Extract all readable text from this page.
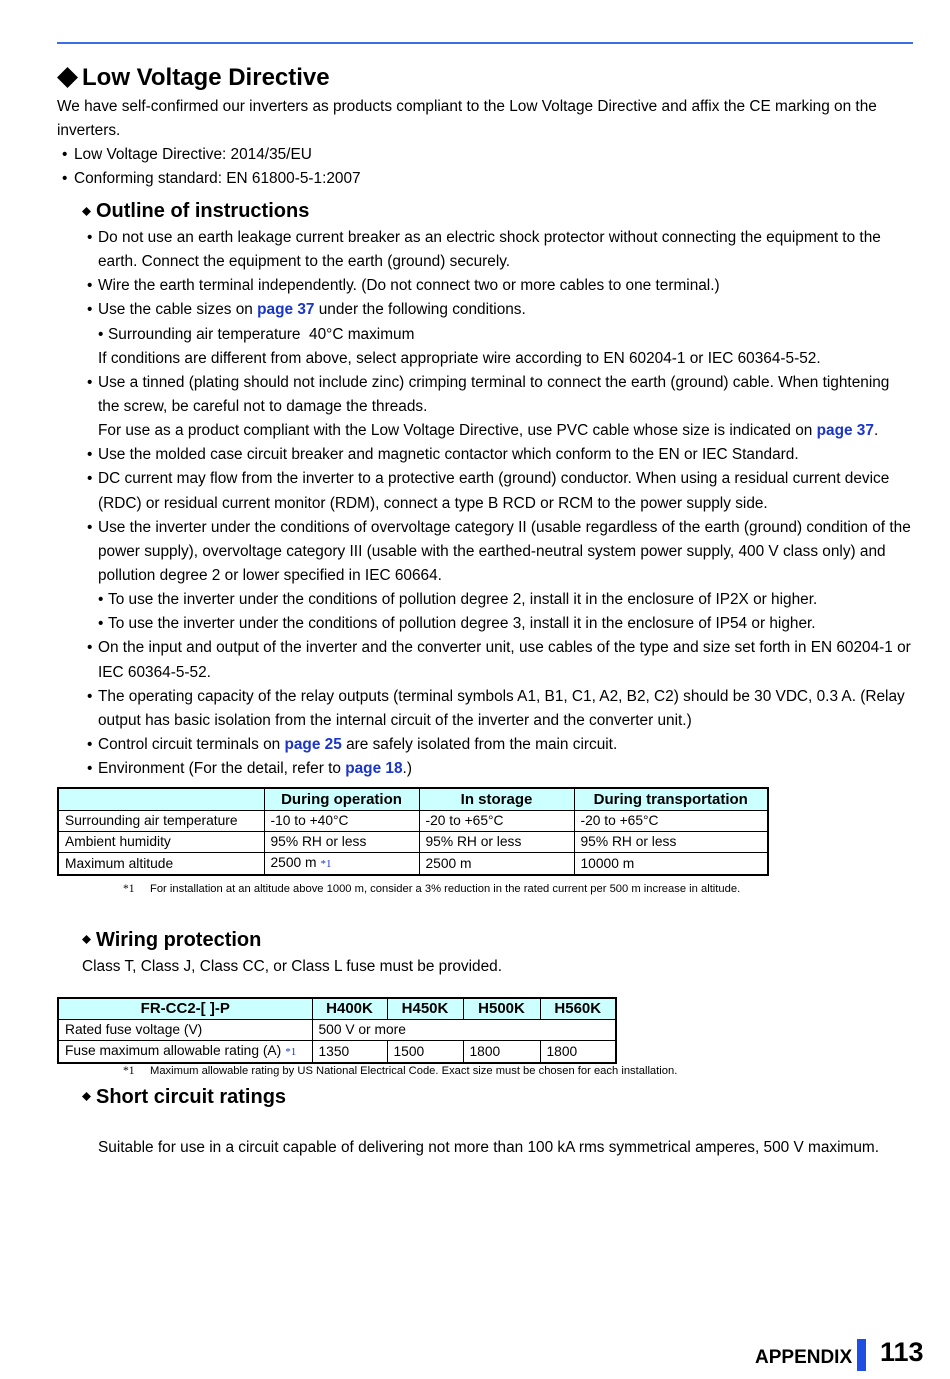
Low Voltage Directive
We have self-confirmed our inverters as products compliant to the Low Voltage Directive and affix the CE marking on the
inverters.
• Low Voltage Directive: 2014/35/EU
• Conforming standard: EN 61800-5-1:2007
Outline of instructions
• Do not use an earth leakage current breaker as an electric shock protector without connecting the equipment to the
earth. Connect the equipment to the earth (ground) securely.
• Wire the earth terminal independently. (Do not connect two or more cables to one terminal.)
• Use the cable sizes on page 37 under the following conditions.
• Surrounding air temperature  40°C maximum
If conditions are different from above, select appropriate wire according to EN 60204-1 or IEC 60364-5-52.
• Use a tinned (plating should not include zinc) crimping terminal to connect the earth (ground) cable. When tightening
the screw, be careful not to damage the threads.
For use as a product compliant with the Low Voltage Directive, use PVC cable whose size is indicated on page 37.
• Use the molded case circuit breaker and magnetic contactor which conform to the EN or IEC Standard.
• DC current may flow from the inverter to a protective earth (ground) conductor. When using a residual current device
(RDC) or residual current monitor (RDM), connect a type B RCD or RCM to the power supply side.
• Use the inverter under the conditions of overvoltage category II (usable regardless of the earth (ground) condition of the
power supply), overvoltage category III (usable with the earthed-neutral system power supply, 400 V class only) and
pollution degree 2 or lower specified in IEC 60664.
• To use the inverter under the conditions of pollution degree 2, install it in the enclosure of IP2X or higher.
• To use the inverter under the conditions of pollution degree 3, install it in the enclosure of IP54 or higher.
• On the input and output of the inverter and the converter unit, use cables of the type and size set forth in EN 60204-1 or
IEC 60364-5-52.
• The operating capacity of the relay outputs (terminal symbols A1, B1, C1, A2, B2, C2) should be 30 VDC, 0.3 A. (Relay
output has basic isolation from the internal circuit of the inverter and the converter unit.)
• Control circuit terminals on page 25 are safely isolated from the main circuit.
• Environment (For the detail, refer to page 18.)
	During operation	In storage	During transportation
Surrounding air temperature	-10 to +40°C	-20 to +65°C	-20 to +65°C
Ambient humidity	95% RH or less	95% RH or less	95% RH or less
Maximum altitude	2500 m *1	2500 m	10000 m
*1 For installation at an altitude above 1000 m, consider a 3% reduction in the rated current per 500 m increase in altitude.
Wiring protection
Class T, Class J, Class CC, or Class L fuse must be provided.
FR-CC2-[ ]-P	H400K	H450K	H500K	H560K
Rated fuse voltage (V)	500 V or more			
Fuse maximum allowable rating (A) *1	1350	1500	1800	1800
*1 Maximum allowable rating by US National Electrical Code. Exact size must be chosen for each installation.
Short circuit ratings
Suitable for use in a circuit capable of delivering not more than 100 kA rms symmetrical amperes, 500 V maximum.
APPENDIX 113
